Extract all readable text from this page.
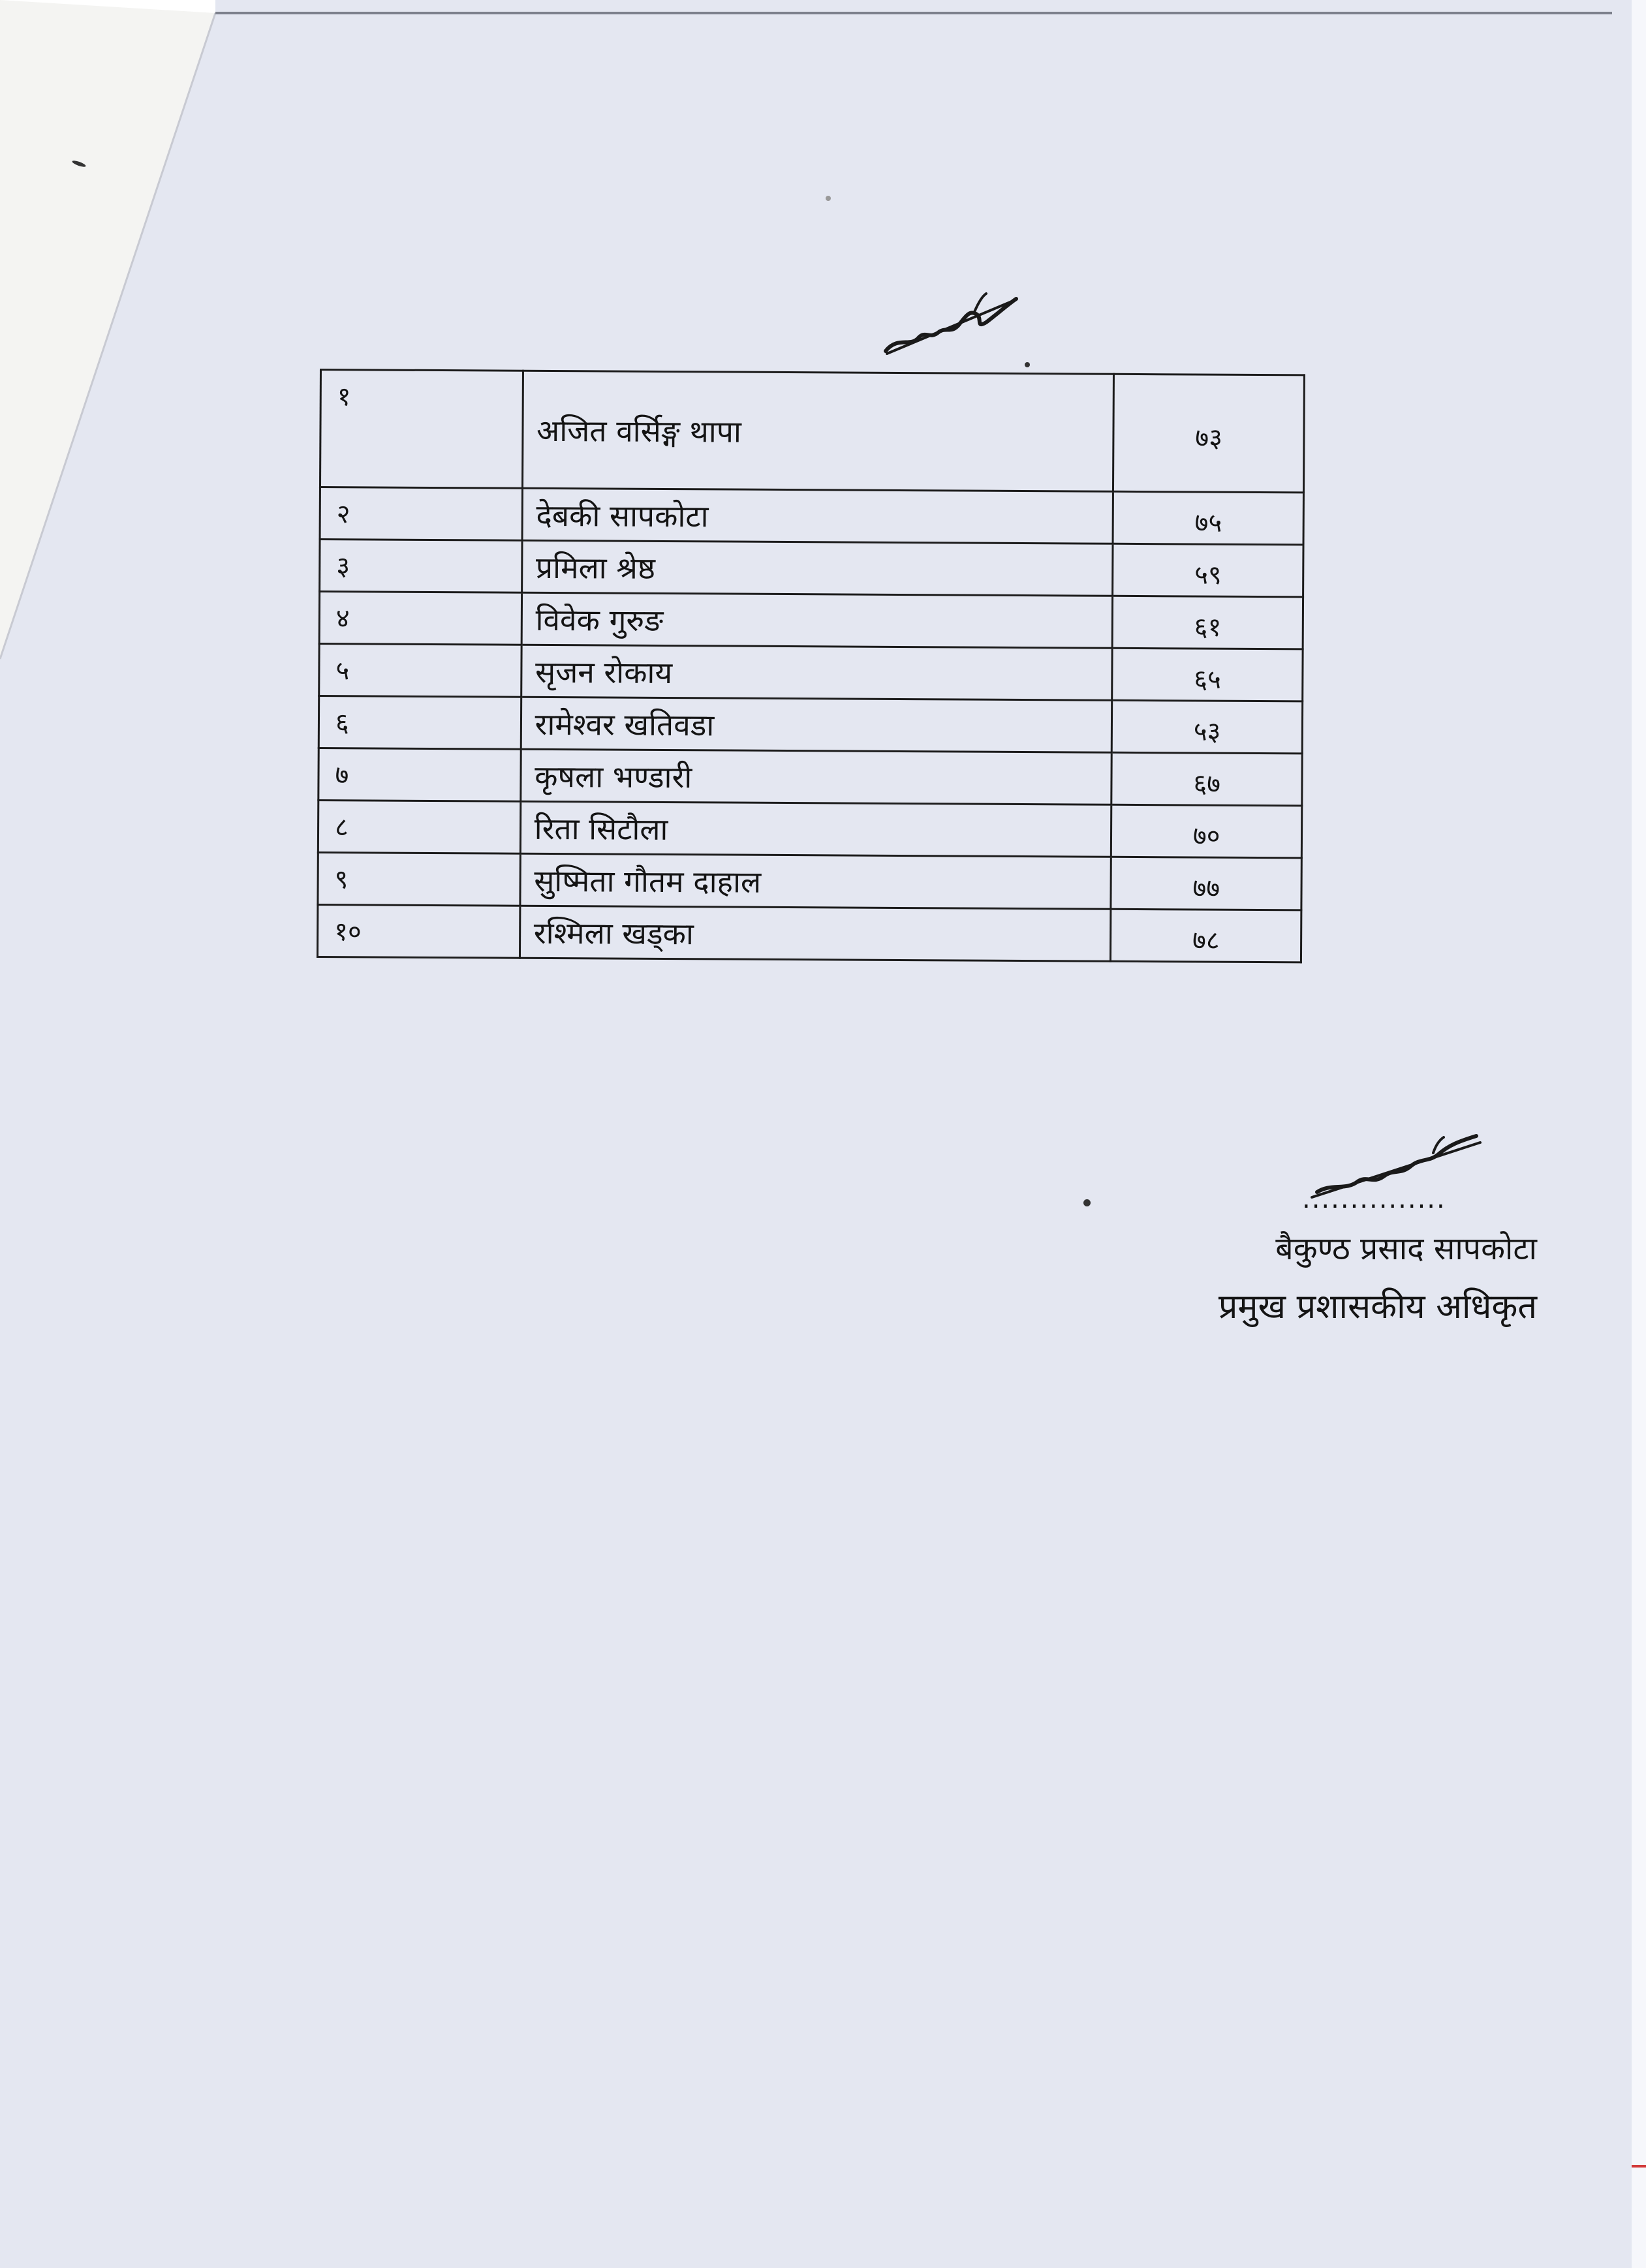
१	अजित वर्सिङ्ग थापा	७३
२	देबकी सापकोटा	७५
३	प्रमिला श्रेष्ठ	५९
४	विवेक गुरुङ	६१
५	सृजन रोकाय	६५
६	रामेश्वर खतिवडा	५३
७	कृषला भण्डारी	६७
८	रिता सिटौला	७०
९	सुष्मिता गौतम दाहाल	७७
१०	रश्मिला खड्का	७८
...............
बैकुण्ठ प्रसाद सापकोटा
प्रमुख प्रशासकीय अधिकृत
